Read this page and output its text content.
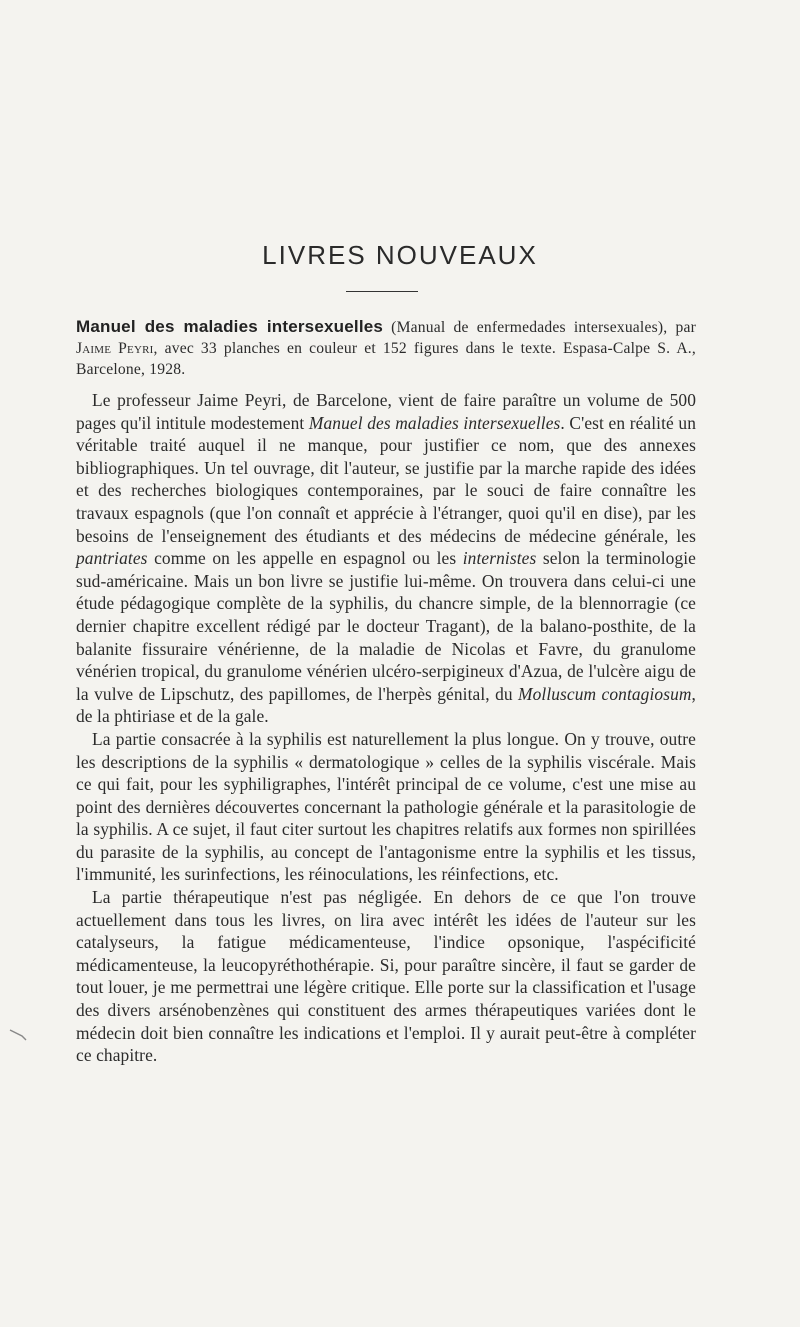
LIVRES NOUVEAUX

Manuel des maladies intersexuelles (Manual de enfermedades intersexuales), par Jaime Peyri, avec 33 planches en couleur et 152 figures dans le texte. Espasa-Calpe S. A., Barcelone, 1928.

Le professeur Jaime Peyri, de Barcelone, vient de faire paraître un volume de 500 pages qu'il intitule modestement Manuel des maladies intersexuelles. C'est en réalité un véritable traité auquel il ne manque, pour justifier ce nom, que des annexes bibliographiques. Un tel ouvrage, dit l'auteur, se justifie par la marche rapide des idées et des recherches biologiques contemporaines, par le souci de faire connaître les travaux espagnols (que l'on connaît et apprécie à l'étranger, quoi qu'il en dise), par les besoins de l'enseignement des étudiants et des médecins de médecine générale, les pantriates comme on les appelle en espagnol ou les internistes selon la terminologie sud-américaine. Mais un bon livre se justifie lui-même. On trouvera dans celui-ci une étude pédagogique complète de la syphilis, du chancre simple, de la blennorragie (ce dernier chapitre excellent rédigé par le docteur Tragant), de la balano-posthite, de la balanite fissuraire vénérienne, de la maladie de Nicolas et Favre, du granulome vénérien tropical, du granulome vénérien ulcéro-serpigineux d'Azua, de l'ulcère aigu de la vulve de Lipschutz, des papillomes, de l'herpès génital, du Molluscum contagiosum, de la phtiriase et de la gale.

La partie consacrée à la syphilis est naturellement la plus longue. On y trouve, outre les descriptions de la syphilis « dermatologique » celles de la syphilis viscérale. Mais ce qui fait, pour les syphiligraphes, l'intérêt principal de ce volume, c'est une mise au point des dernières découvertes concernant la pathologie générale et la parasitologie de la syphilis. A ce sujet, il faut citer surtout les chapitres relatifs aux formes non spirillées du parasite de la syphilis, au concept de l'antagonisme entre la syphilis et les tissus, l'immunité, les surinfections, les réinoculations, les réinfections, etc.

La partie thérapeutique n'est pas négligée. En dehors de ce que l'on trouve actuellement dans tous les livres, on lira avec intérêt les idées de l'auteur sur les catalyseurs, la fatigue médicamenteuse, l'indice opsonique, l'aspécificité médicamenteuse, la leucopyréthothérapie. Si, pour paraître sincère, il faut se garder de tout louer, je me permettrai une légère critique. Elle porte sur la classification et l'usage des divers arsénobenzènes qui constituent des armes thérapeutiques variées dont le médecin doit bien connaître les indications et l'emploi. Il y aurait peut-être à compléter ce chapitre.
